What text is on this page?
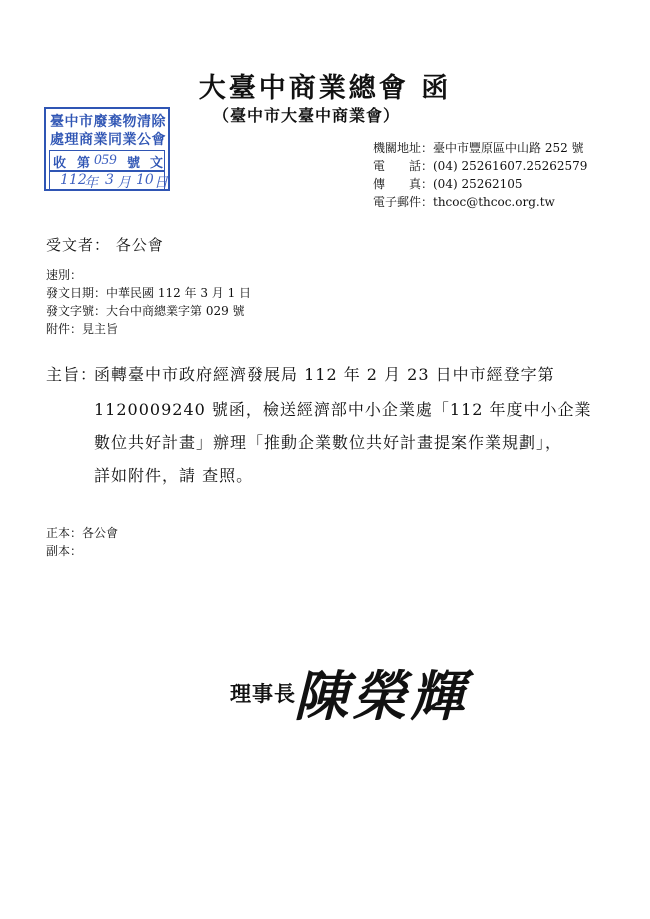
大臺中商業總會 函
（臺中市大臺中商業會）
臺中市廢棄物清除
處理商業同業公會
收 第 059 號 文
112
年 3 月 10 日
機關地址：臺中市豐原區中山路 252 號
電　　話：(04) 25261607.25262579
傳　　真：(04) 25262105
電子郵件：thcoc@thcoc.org.tw
受文者： 各公會
速別：
發文日期：中華民國 112 年 3 月 1 日
發文字號：大台中商總業字第 029 號
附件：見主旨
主旨：
函轉臺中市政府經濟發展局 112 年 2 月 23 日中市經登字第
1120009240 號函，檢送經濟部中小企業處「112 年度中小企業
數位共好計畫」辦理「推動企業數位共好計畫提案作業規劃」，
詳如附件，請 查照。
正本：各公會
副本：
理事長
陳榮輝
